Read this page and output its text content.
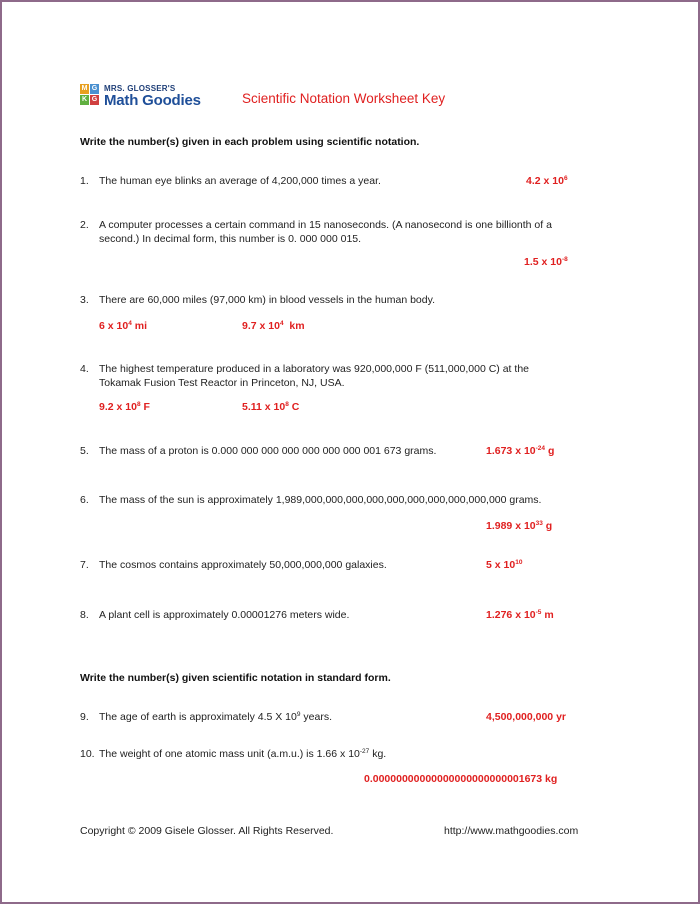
M G
K G
MRS. GLOSSER'S
Math Goodies	Scientific Notation Worksheet Key
Write the number(s) given in each problem using scientific notation.
1. The human eye blinks an average of 4,200,000 times a year.	4.2 x $10^6$
2. A computer processes a certain command in 15 nanoseconds. (A nanosecond is one billionth of a
second.) In decimal form, this number is 0. 000 000 015.
1.5 x $10^{-8}$
3. There are 60,000 miles (97,000 km) in blood vessels in the human body.
6 x $10^4$ mi	9.7 x $10^4$  km
4. The highest temperature produced in a laboratory was 920,000,000 F (511,000,000 C) at the
Tokamak Fusion Test Reactor in Princeton, NJ, USA.
9.2 x $10^8$ F	5.11 x $10^8$ C
5. The mass of a proton is 0.000 000 000 000 000 000 000 001 673 grams.	1.673 x $10^{-24}$ g
6. The mass of the sun is approximately 1,989,000,000,000,000,000,000,000,000,000,000 grams.
1.989 x $10^{33}$ g
7. The cosmos contains approximately 50,000,000,000 galaxies.	5 x $10^{10}$
8. A plant cell is approximately 0.00001276 meters wide.	1.276 x $10^{-5}$ m
Write the number(s) given scientific notation in standard form.
9. The age of earth is approximately 4.5 X $10^9$ years.	4,500,000,000 yr
10. The weight of one atomic mass unit (a.m.u.) is 1.66 x $10^{-27}$ kg.
0.00000000000000000000000001673 kg
Copyright © 2009 Gisele Glosser. All Rights Reserved.	http://www.mathgoodies.com
